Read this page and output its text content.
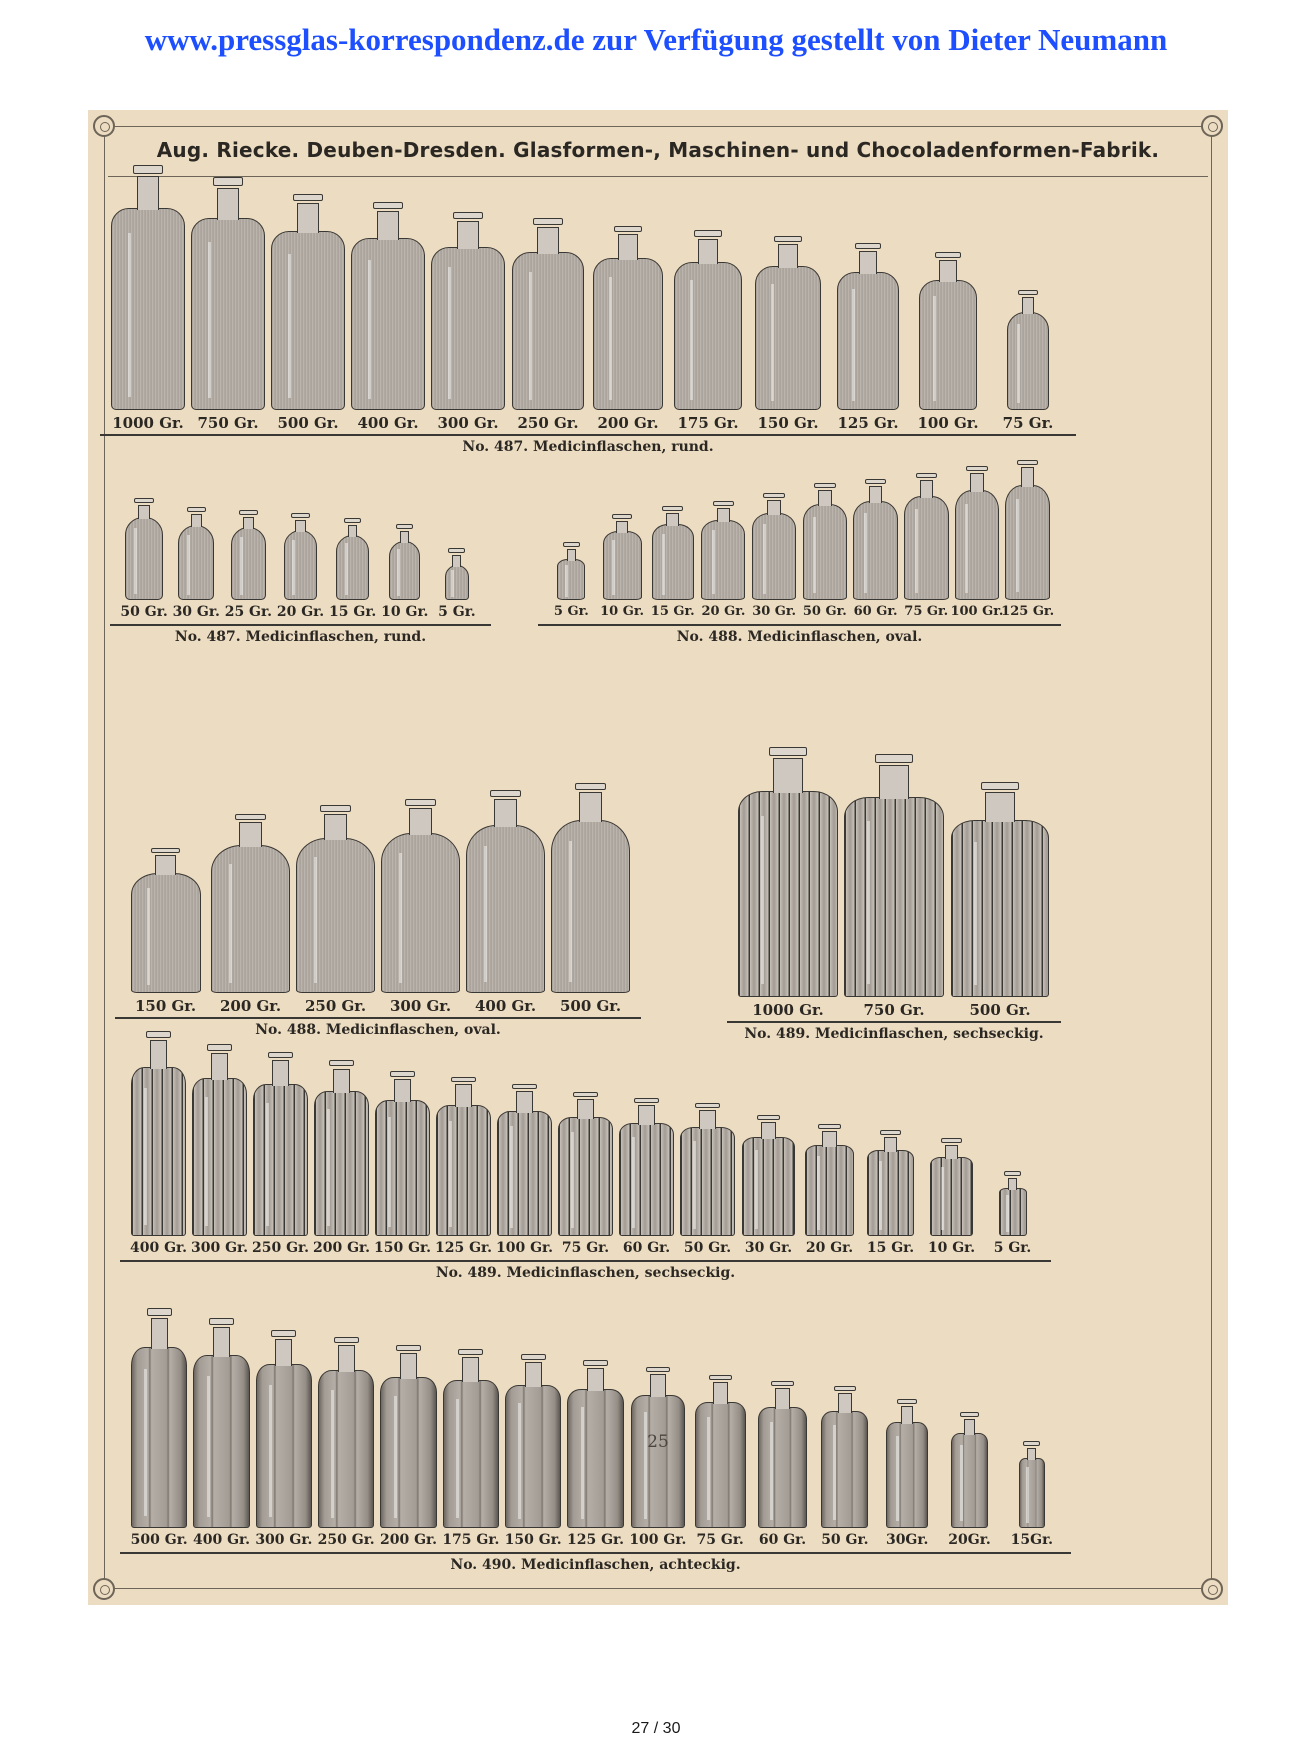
www.pressglas-korrespondenz.de zur Verfügung gestellt von Dieter Neumann
Aug. Riecke. Deuben-Dresden. Glasformen-, Maschinen- und Chocoladenformen-Fabrik.
1000 Gr. 750 Gr. 500 Gr. 400 Gr. 300 Gr. 250 Gr. 200 Gr. 175 Gr. 150 Gr. 125 Gr. 100 Gr. 75 Gr.
No. 487. Medicinflaschen, rund.
50 Gr. 30 Gr. 25 Gr. 20 Gr. 15 Gr. 10 Gr. 5 Gr.
No. 487. Medicinflaschen, rund.
5 Gr. 10 Gr. 15 Gr. 20 Gr. 30 Gr. 50 Gr. 60 Gr. 75 Gr. 100 Gr.
125 Gr.
No. 488. Medicinflaschen, oval.
150 Gr. 200 Gr. 250 Gr. 300 Gr. 400 Gr. 500 Gr.
No. 488. Medicinflaschen, oval.
1000 Gr.	750 Gr.	500 Gr.
No. 489. Medicinflaschen, sechseckig.
400 Gr. 300 Gr. 250 Gr. 200 Gr. 150 Gr. 125 Gr. 100 Gr. 75 Gr. 60 Gr. 50 Gr. 30 Gr. 20 Gr. 15 Gr. 10 Gr. 5 Gr.
No. 489. Medicinflaschen, sechseckig.
500 Gr. 400 Gr. 300 Gr. 250 Gr. 200 Gr. 175 Gr. 150 Gr. 125 Gr. 100 Gr. 75 Gr. 60 Gr. 50 Gr. 30Gr. 20Gr. 15Gr.
No. 490. Medicinflaschen, achteckig.
25
27 / 30
